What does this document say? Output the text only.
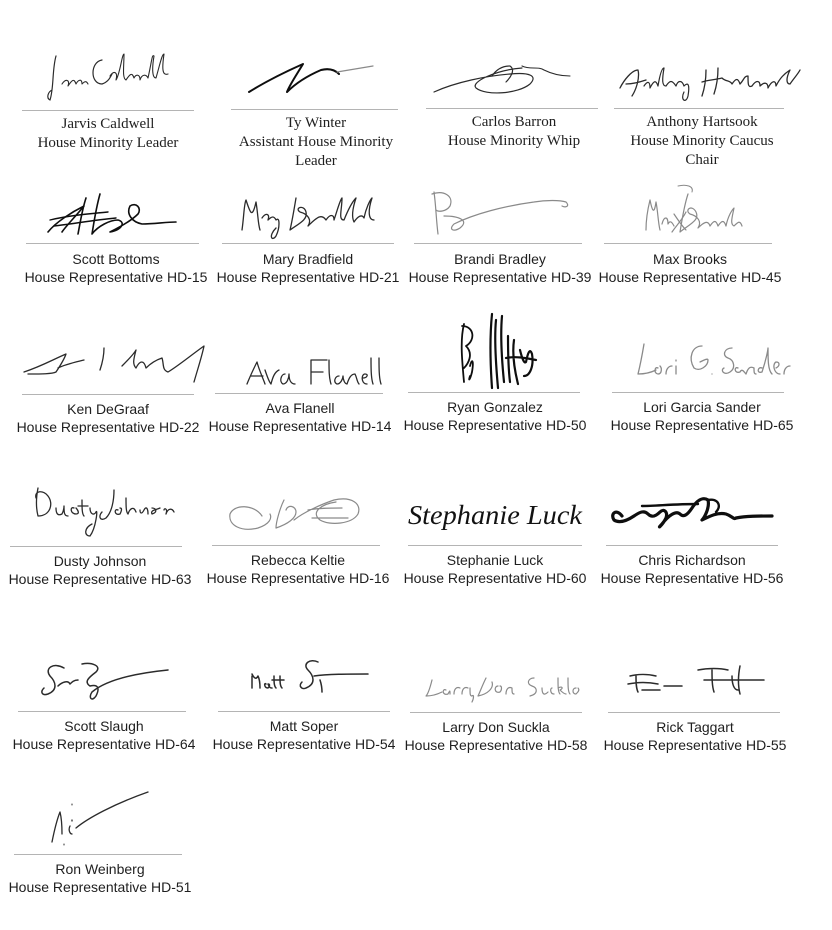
Jarvis Caldwell
House Minority Leader
Ty Winter
Assistant House Minority
Leader
Carlos Barron
House Minority Whip
Anthony Hartsook
House Minority Caucus
Chair
Scott Bottoms
House Representative HD-15
Mary Bradfield
House Representative HD-21
Brandi Bradley
House Representative HD-39
Max Brooks
House Representative HD-45
Ken DeGraaf
House Representative HD-22
Ava Flanell
House Representative HD-14
Ryan Gonzalez
House Representative HD-50
Lori Garcia Sander
House Representative HD-65
Dusty Johnson
House Representative HD-63
Rebecca Keltie
House Representative HD-16
Stephanie Luck
Stephanie Luck
House Representative HD-60
Chris Richardson
House Representative HD-56
Scott Slaugh
House Representative HD-64
Matt Soper
House Representative HD-54
Larry Don Suckla
House Representative HD-58
Rick Taggart
House Representative HD-55
Ron Weinberg
House Representative HD-51
